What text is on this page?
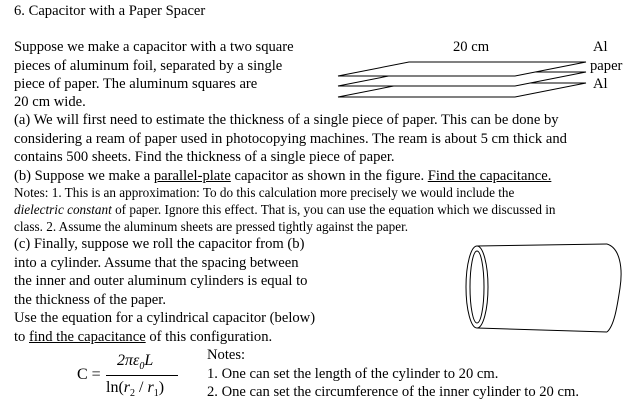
6. Capacitor with a Paper Spacer
Suppose we make a capacitor with a two square
pieces of aluminum foil, separated by a single
piece of paper. The aluminum squares are
20 cm wide.
20 cm	Al
paper
Al
(a) We will first need to estimate the thickness of a single piece of paper. This can be done by
considering a ream of paper used in photocopying machines. The ream is about 5 cm thick and
contains 500 sheets. Find the thickness of a single piece of paper.
(b) Suppose we make a parallel-plate capacitor as shown in the figure. Find the capacitance.
Notes: 1. This is an approximation: To do this calculation more precisely we would include the
dielectric constant of paper. Ignore this effect. That is, you can use the equation which we discussed in
class. 2. Assume the aluminum sheets are pressed tightly against the paper.
(c) Finally, suppose we roll the capacitor from (b)
into a cylinder. Assume that the spacing between
the inner and outer aluminum cylinders is equal to
the thickness of the paper.
Use the equation for a cylindrical capacitor (below)
to find the capacitance of this configuration.
C =
$2\pi\varepsilon_0L$
$\ln(r_2 / r_1)$
Notes:
1. One can set the length of the cylinder to 20 cm.
2. One can set the circumference of the inner cylinder to 20 cm.
